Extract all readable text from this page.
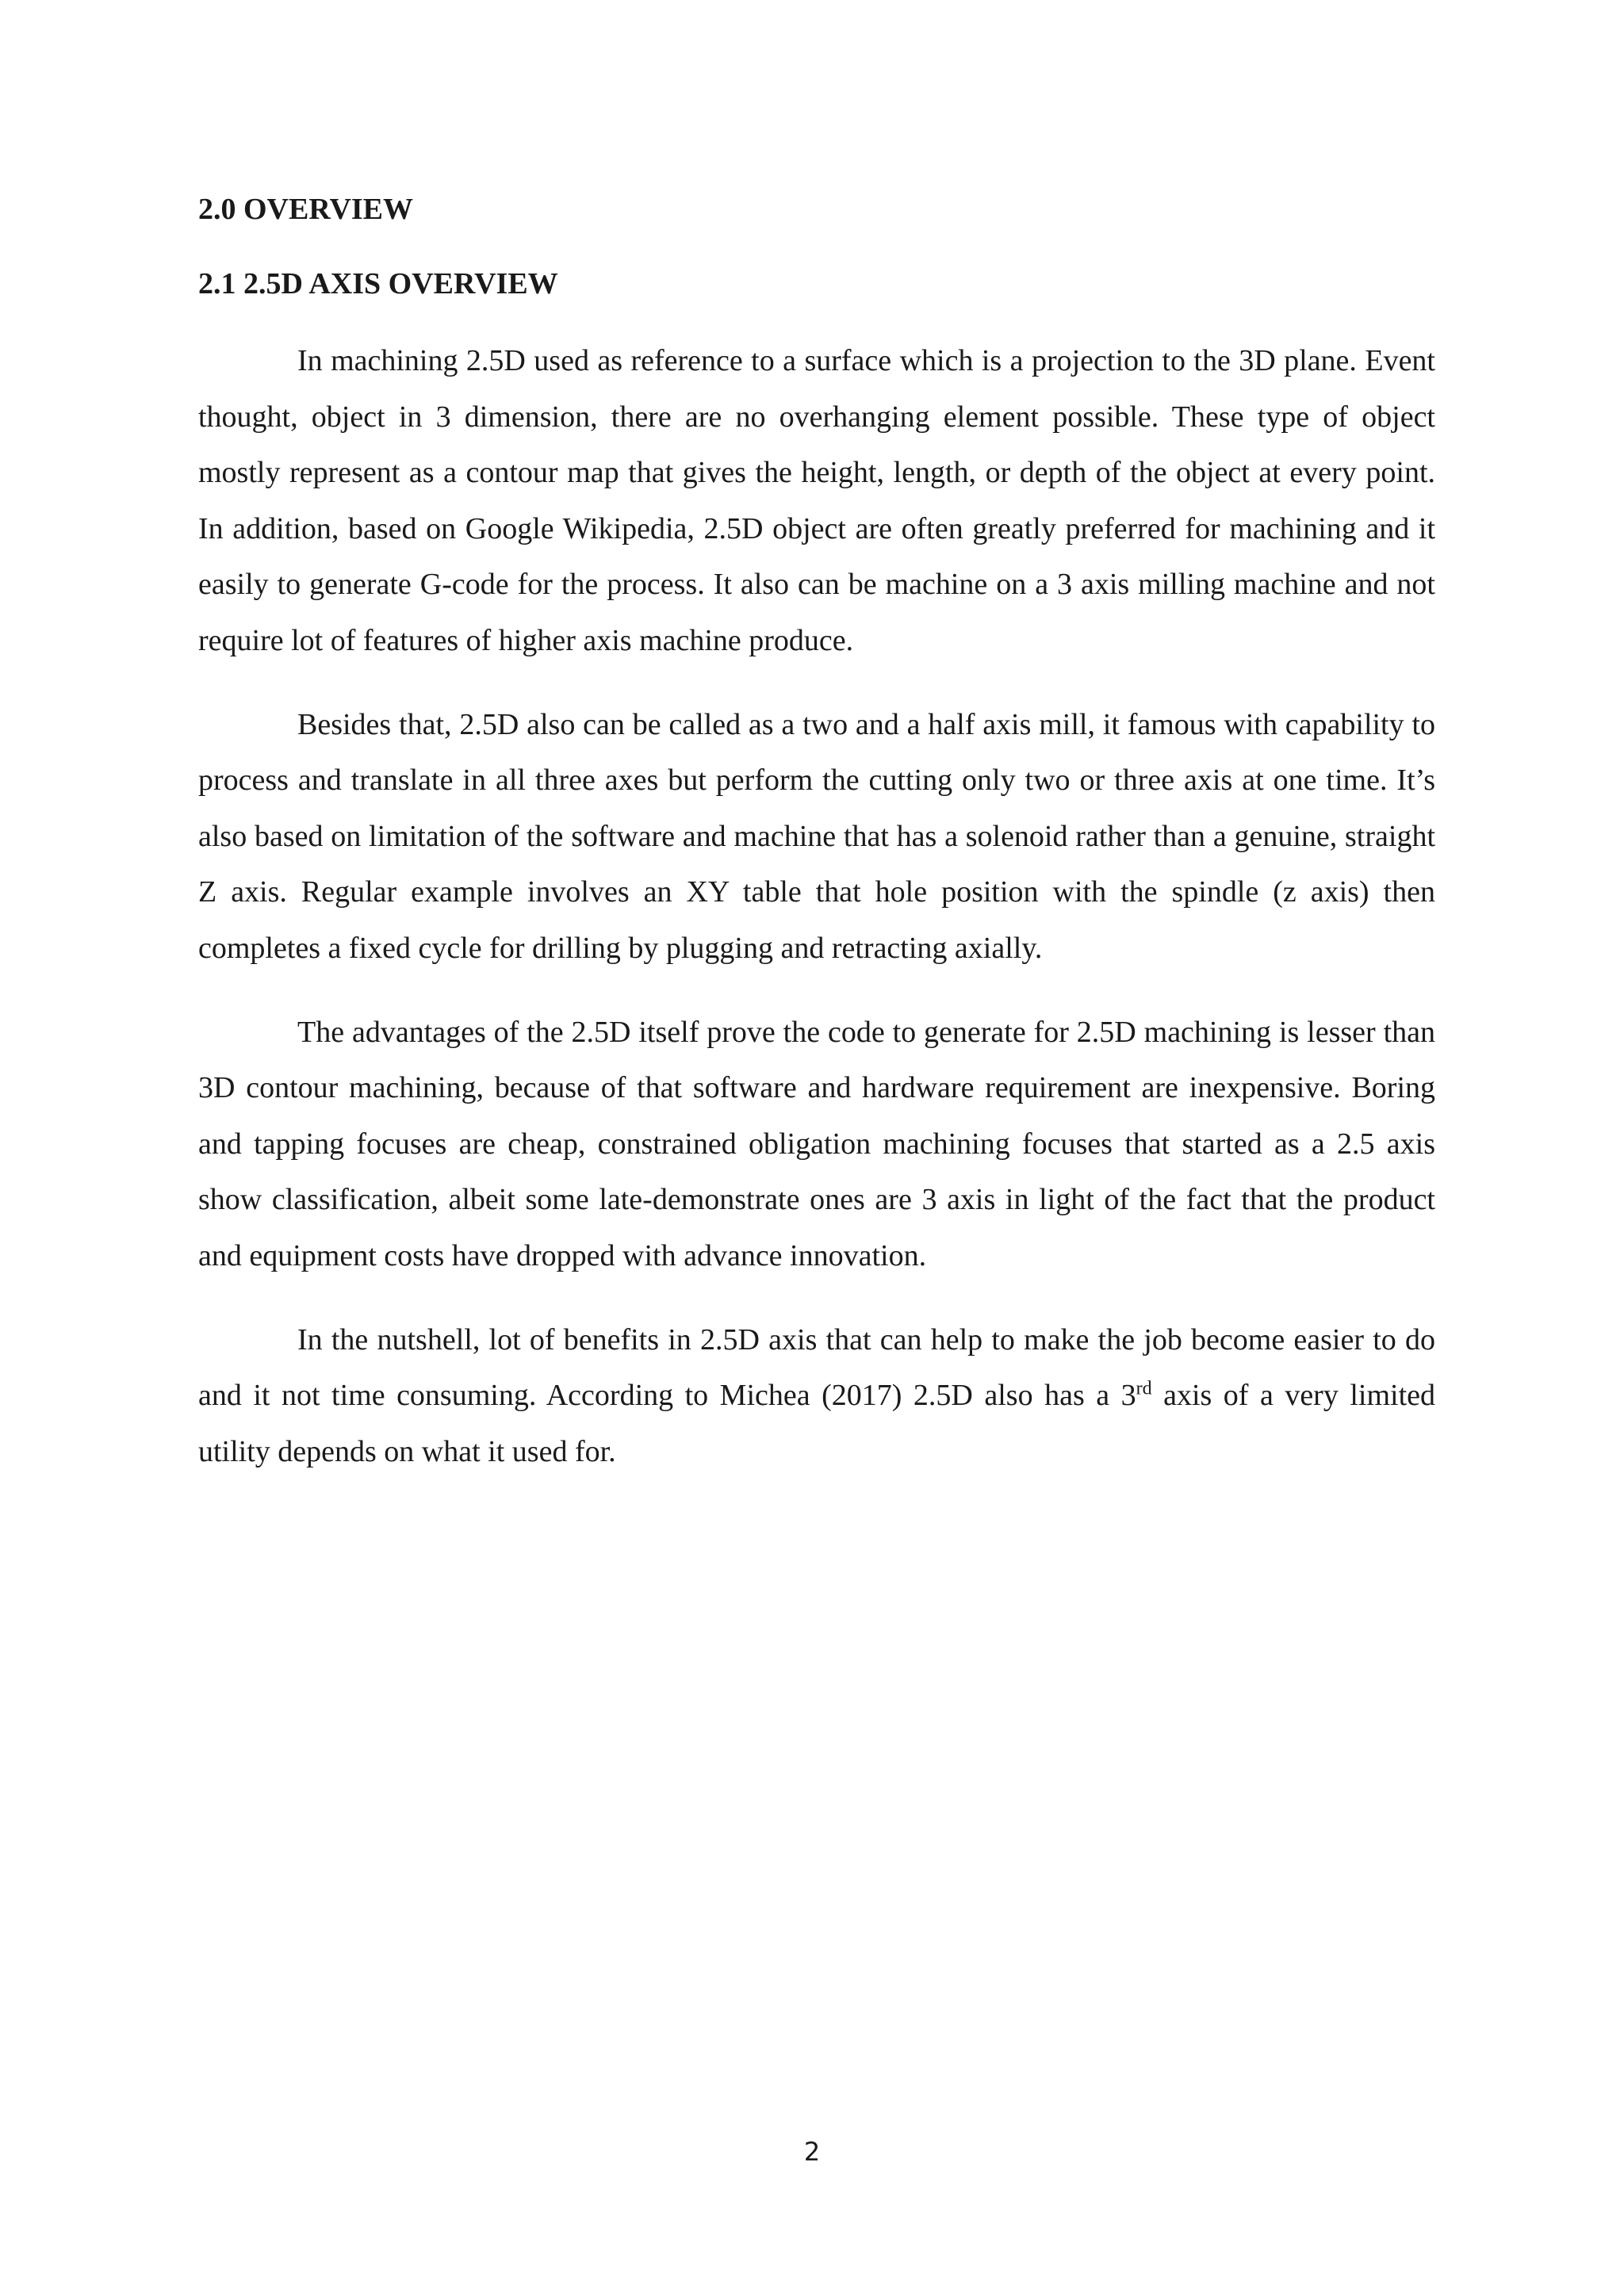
2.0 OVERVIEW
2.1 2.5D AXIS OVERVIEW

In machining 2.5D used as reference to a surface which is a projection to the 3D plane. Event thought, object in 3 dimension, there are no overhanging element possible. These type of object mostly represent as a contour map that gives the height, length, or depth of the object at every point. In addition, based on Google Wikipedia, 2.5D object are often greatly preferred for machining and it easily to generate G-code for the process. It also can be machine on a 3 axis milling machine and not require lot of features of higher axis machine produce.

Besides that, 2.5D also can be called as a two and a half axis mill, it famous with capability to process and translate in all three axes but perform the cutting only two or three axis at one time. It’s also based on limitation of the software and machine that has a solenoid rather than a genuine, straight Z axis. Regular example involves an XY table that hole position with the spindle (z axis) then completes a fixed cycle for drilling by plugging and retracting axially.

The advantages of the 2.5D itself prove the code to generate for 2.5D machining is lesser than 3D contour machining, because of that software and hardware requirement are inexpensive. Boring and tapping focuses are cheap, constrained obligation machining focuses that started as a 2.5 axis show classification, albeit some late-demonstrate ones are 3 axis in light of the fact that the product and equipment costs have dropped with advance innovation.

In the nutshell, lot of benefits in 2.5D axis that can help to make the job become easier to do and it not time consuming. According to Michea (2017) 2.5D also has a 3rd axis of a very limited utility depends on what it used for.

2
